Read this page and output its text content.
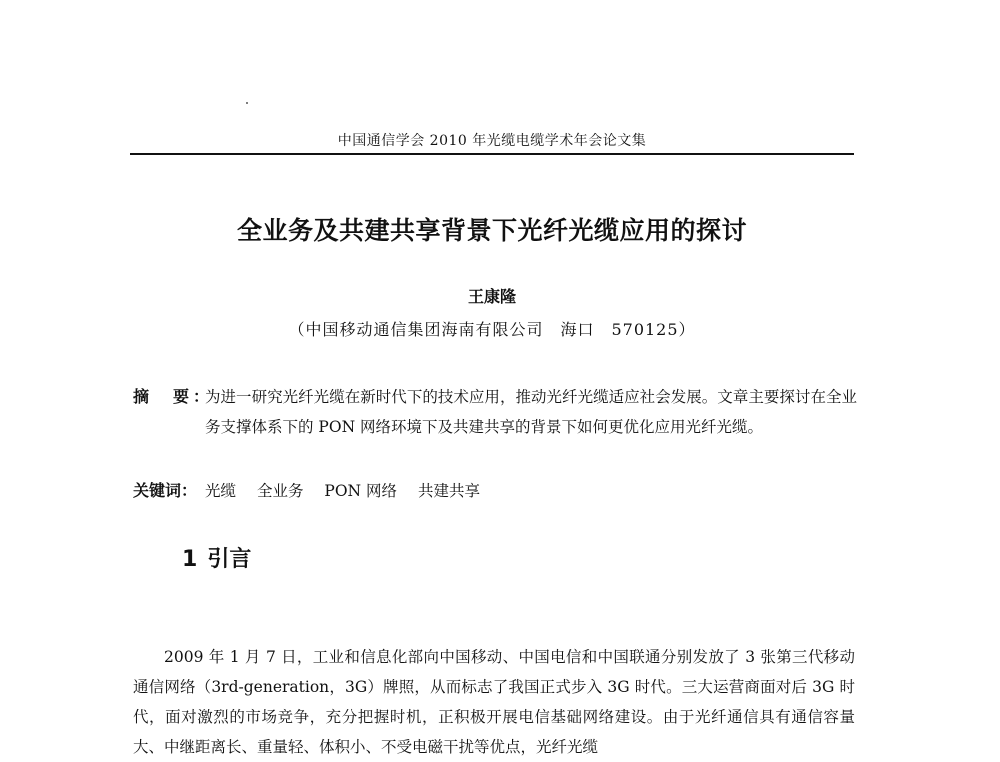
中国通信学会 2010 年光缆电缆学术年会论文集
全业务及共建共享背景下光纤光缆应用的探讨
王康隆
（中国移动通信集团海南有限公司　海口　570125）
摘　要：
为进一研究光纤光缆在新时代下的技术应用，推动光纤光缆适应社会发展。文章主要探讨在全业务支撑体系下的 PON 网络环境下及共建共享的背景下如何更优化应用光纤光缆。
关键词： 光缆 全业务 PON 网络 共建共享
1 引言

2009 年 1 月 7 日，工业和信息化部向中国移动、中国电信和中国联通分别发放了 3 张第三代移动通信网络（3rd-generation，3G）牌照，从而标志了我国正式步入 3G 时代。三大运营商面对后 3G 时代，面对激烈的市场竞争，充分把握时机，正积极开展电信基础网络建设。由于光纤通信具有通信容量大、中继距离长、重量轻、体积小、不受电磁干扰等优点，光纤光缆
